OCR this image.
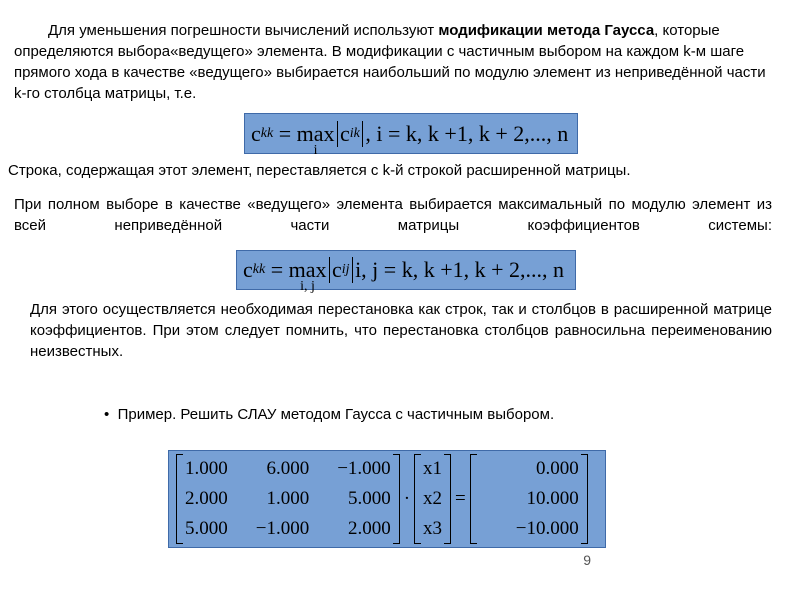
Для уменьшения погрешности вычислений используют модификации метода Гаусса, которые определяются выбора«ведущего» элемента. В модификации с частичным выбором на каждом k-м шаге прямого хода в качестве «ведущего» выбирается наибольший по модулю элемент из неприведённой части k-го столбца матрицы, т.е.

c kk
=
max
i
c ik , i = k, k +1, k + 2,..., n

Строка, содержащая этот элемент, переставляется с k-й строкой расширенной матрицы.

При полном выборе в качестве «ведущего» элемента выбирается максимальный по модулю элемент из всей неприведённой части матрицы коэффициентов системы:

c kk
=
max
i, j
c ij i, j = k, k +1, k + 2,..., n

Для этого осуществляется необходимая перестановка как строк, так и столбцов в расширенной матрице коэффициентов. При этом следует помнить, что перестановка столбцов равносильна переименованию неизвестных.

•  Пример. Решить СЛАУ методом Гаусса с частичным выбором.

1.000	6.000 −1.000
2.000	1.000	5.000
5.000 −1.000	2.000
·
x1
x2
x3
=
0.000
10.000
−10.000
9
